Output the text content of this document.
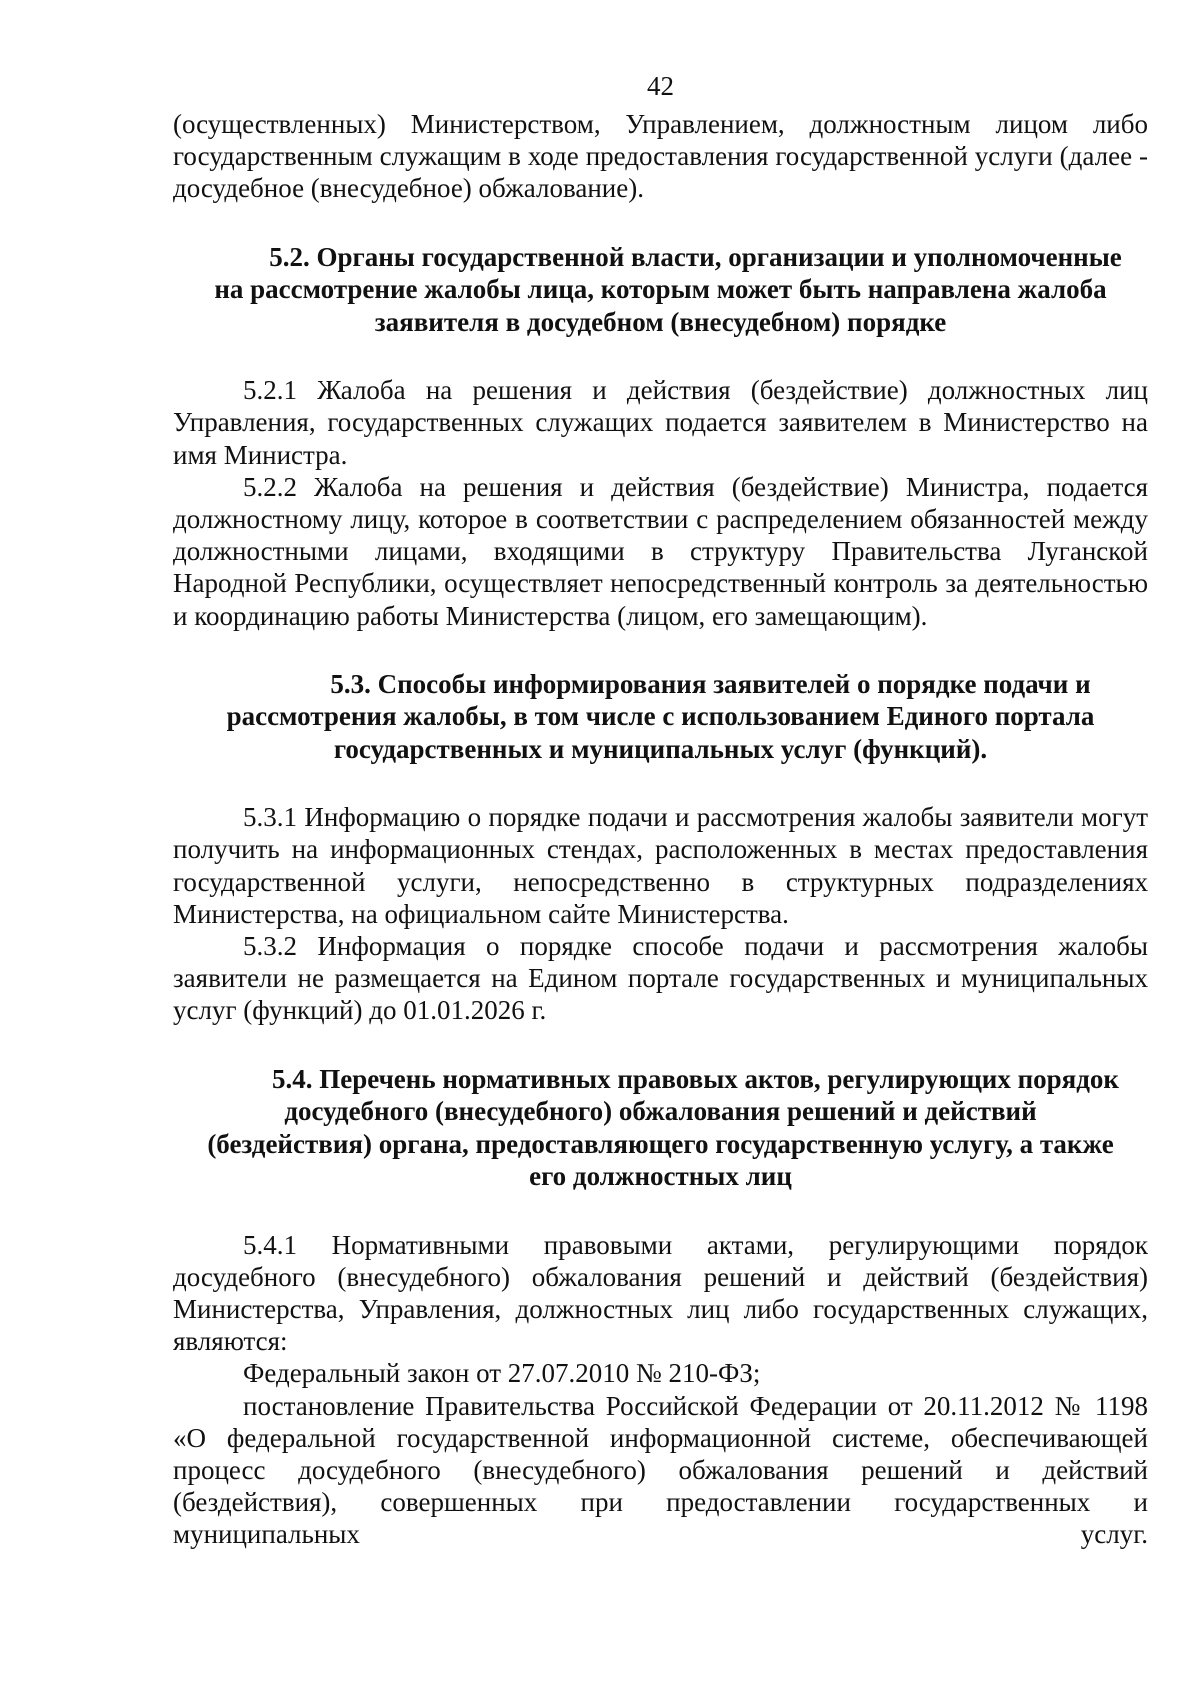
42

(осуществленных) Министерством, Управлением, должностным лицом либо государственным служащим в ходе предоставления государственной услуги (далее - досудебное (внесудебное) обжалование).

5.2. Органы государственной власти, организации и уполномоченные
на рассмотрение жалобы лица, которым может быть направлена жалоба
заявителя в досудебном (внесудебном) порядке

5.2.1 Жалоба на решения и действия (бездействие) должностных лиц Управления, государственных служащих подается заявителем в Министерство на имя Министра.

5.2.2 Жалоба на решения и действия (бездействие) Министра, подается должностному лицу, которое в соответствии с распределением обязанностей между должностными лицами, входящими в структуру Правительства Луганской Народной Республики, осуществляет непосредственный контроль за деятельностью и координацию работы Министерства (лицом, его замещающим).

5.3. Способы информирования заявителей о порядке подачи и
рассмотрения жалобы, в том числе с использованием Единого портала
государственных и муниципальных услуг (функций).

5.3.1 Информацию о порядке подачи и рассмотрения жалобы заявители могут получить на информационных стендах, расположенных в местах предоставления государственной услуги, непосредственно в структурных подразделениях Министерства, на официальном сайте Министерства.

5.3.2 Информация о порядке способе подачи и рассмотрения жалобы заявители не размещается на Едином портале государственных и муниципальных услуг (функций) до 01.01.2026 г.

5.4. Перечень нормативных правовых актов, регулирующих порядок
досудебного (внесудебного) обжалования решений и действий
(бездействия) органа, предоставляющего государственную услугу, а также
его должностных лиц

5.4.1 Нормативными правовыми актами, регулирующими порядок досудебного (внесудебного) обжалования решений и действий (бездействия) Министерства, Управления, должностных лиц либо государственных служащих, являются:

Федеральный закон от 27.07.2010 № 210-ФЗ;

постановление Правительства Российской Федерации от 20.11.2012 № 1198 «О федеральной государственной информационной системе, обеспечивающей процесс досудебного (внесудебного) обжалования решений и действий (бездействия), совершенных при предоставлении государственных и муниципальных услуг.
